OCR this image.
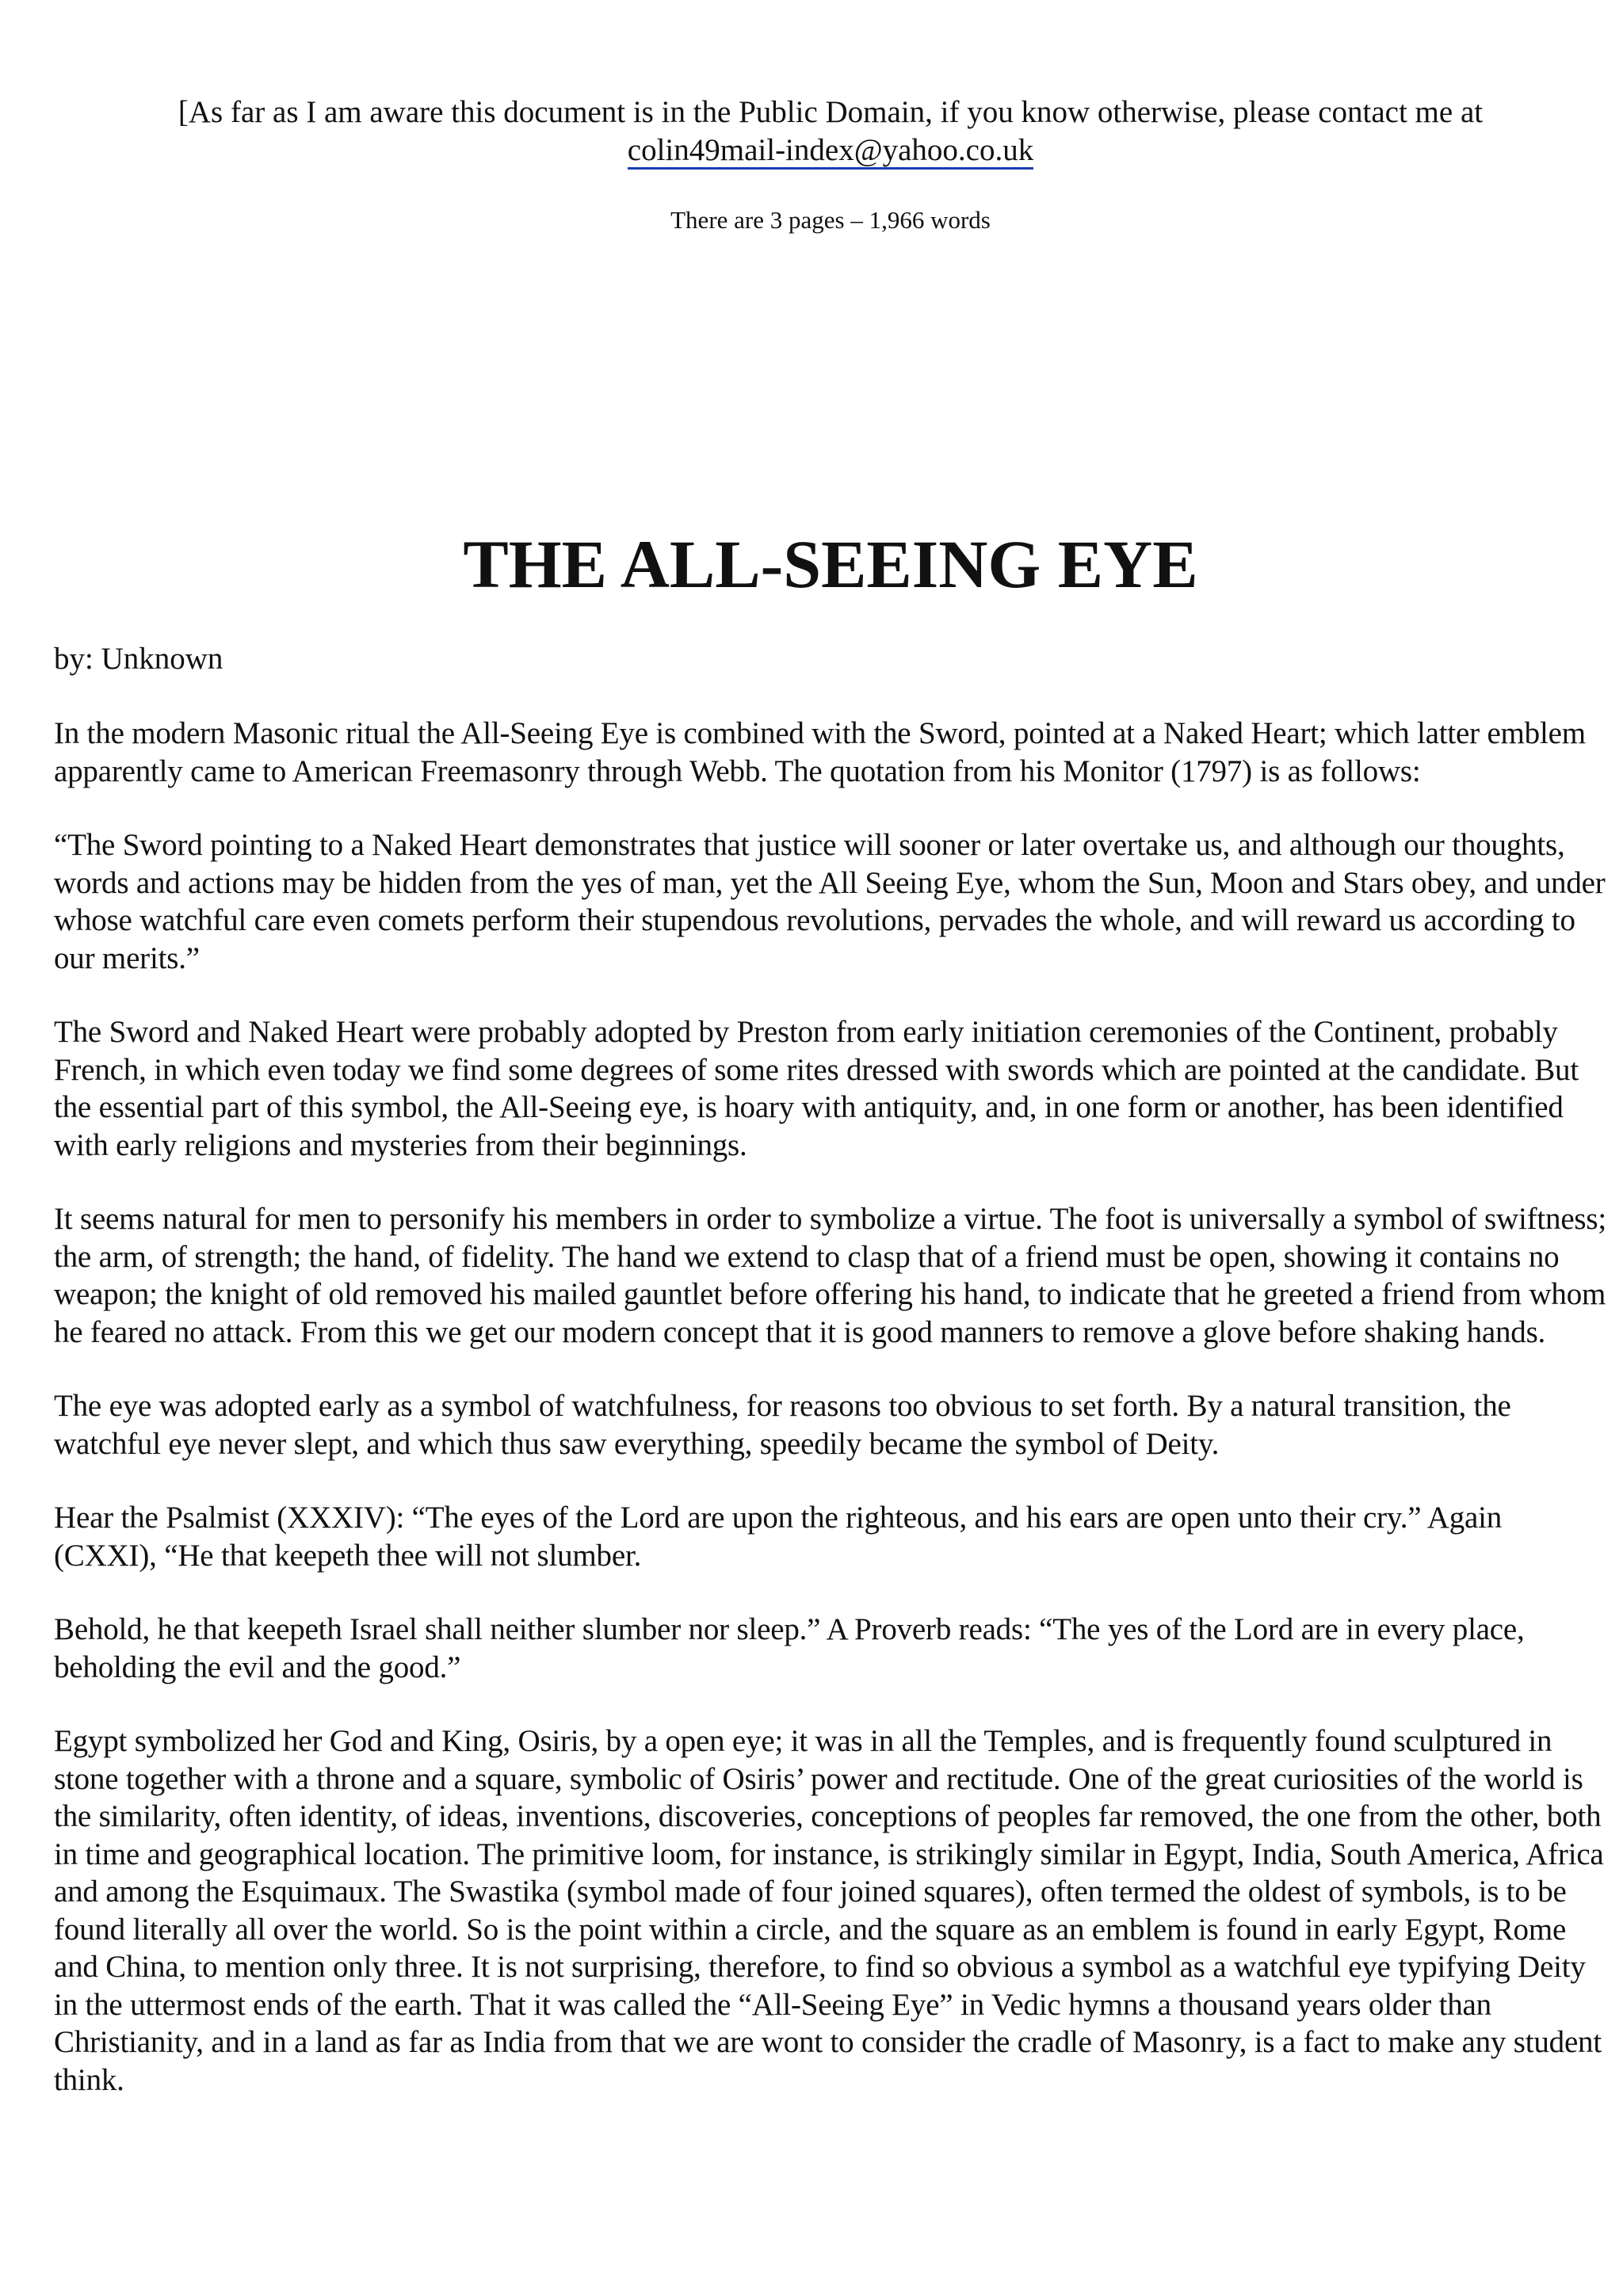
[As far as I am aware this document is in the Public Domain, if you know otherwise, please contact me at
colin49mail-index@yahoo.co.uk

There are 3 pages – 1,966 words

THE ALL-SEEING EYE

by: Unknown

In the modern Masonic ritual the All-Seeing Eye is combined with the Sword, pointed at a Naked Heart; which latter emblem apparently came to American Freemasonry through Webb. The quotation from his Monitor (1797) is as follows:

“The Sword pointing to a Naked Heart demonstrates that justice will sooner or later overtake us, and although our thoughts, words and actions may be hidden from the yes of man, yet the All Seeing Eye, whom the Sun, Moon and Stars obey, and under whose watchful care even comets perform their stupendous revolutions, pervades the whole, and will reward us according to our merits.”

The Sword and Naked Heart were probably adopted by Preston from early initiation ceremonies of the Continent, probably French, in which even today we find some degrees of some rites dressed with swords which are pointed at the candidate. But the essential part of this symbol, the All-Seeing eye, is hoary with antiquity, and, in one form or another, has been identified with early religions and mysteries from their beginnings.

It seems natural for men to personify his members in order to symbolize a virtue. The foot is universally a symbol of swiftness; the arm, of strength; the hand, of fidelity. The hand we extend to clasp that of a friend must be open, showing it contains no weapon; the knight of old removed his mailed gauntlet before offering his hand, to indicate that he greeted a friend from whom he feared no attack. From this we get our modern concept that it is good manners to remove a glove before shaking hands.

The eye was adopted early as a symbol of watchfulness, for reasons too obvious to set forth. By a natural transition, the watchful eye never slept, and which thus saw everything, speedily became the symbol of Deity.

Hear the Psalmist (XXXIV): “The eyes of the Lord are upon the righteous, and his ears are open unto their cry.” Again (CXXI), “He that keepeth thee will not slumber.

Behold, he that keepeth Israel shall neither slumber nor sleep.” A Proverb reads: “The yes of the Lord are in every place, beholding the evil and the good.”

Egypt symbolized her God and King, Osiris, by a open eye; it was in all the Temples, and is frequently found sculptured in stone together with a throne and a square, symbolic of Osiris’ power and rectitude. One of the great curiosities of the world is the similarity, often identity, of ideas, inventions, discoveries, conceptions of peoples far removed, the one from the other, both in time and geographical location. The primitive loom, for instance, is strikingly similar in Egypt, India, South America, Africa and among the Esquimaux. The Swastika (symbol made of four joined squares), often termed the oldest of symbols, is to be found literally all over the world. So is the point within a circle, and the square as an emblem is found in early Egypt, Rome and China, to mention only three. It is not surprising, therefore, to find so obvious a symbol as a watchful eye typifying Deity in the uttermost ends of the earth. That it was called the “All-Seeing Eye” in Vedic hymns a thousand years older than Christianity, and in a land as far as India from that we are wont to consider the cradle of Masonry, is a fact to make any student think.
